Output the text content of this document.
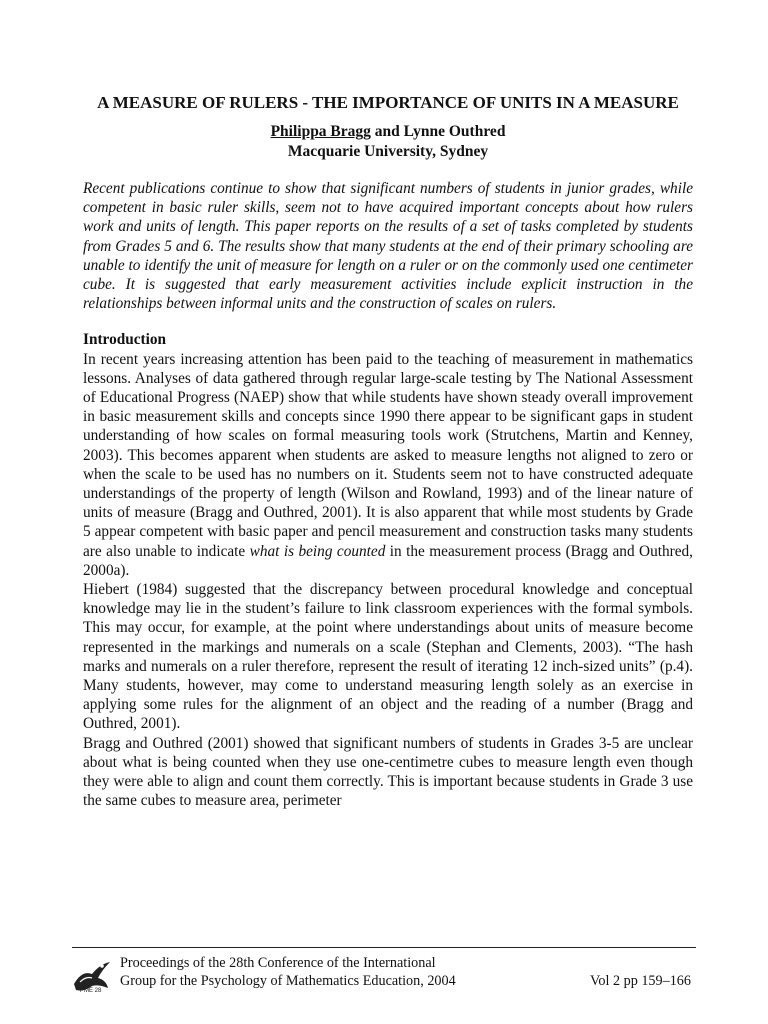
A MEASURE OF RULERS - THE IMPORTANCE OF UNITS IN A MEASURE

Philippa Bragg and Lynne Outhred

Macquarie University, Sydney

Recent publications continue to show that significant numbers of students in junior grades, while competent in basic ruler skills, seem not to have acquired important concepts about how rulers work and units of length. This paper reports on the results of a set of tasks completed by students from Grades 5 and 6. The results show that many students at the end of their primary schooling are unable to identify the unit of measure for length on a ruler or on the commonly used one centimeter cube. It is suggested that early measurement activities include explicit instruction in the relationships between informal units and the construction of scales on rulers.

Introduction

In recent years increasing attention has been paid to the teaching of measurement in mathematics lessons. Analyses of data gathered through regular large-scale testing by The National Assessment of Educational Progress (NAEP) show that while students have shown steady overall improvement in basic measurement skills and concepts since 1990 there appear to be significant gaps in student understanding of how scales on formal measuring tools work (Strutchens, Martin and Kenney, 2003). This becomes apparent when students are asked to measure lengths not aligned to zero or when the scale to be used has no numbers on it. Students seem not to have constructed adequate understandings of the property of length (Wilson and Rowland, 1993) and of the linear nature of units of measure (Bragg and Outhred, 2001). It is also apparent that while most students by Grade 5 appear competent with basic paper and pencil measurement and construction tasks many students are also unable to indicate what is being counted in the measurement process (Bragg and Outhred, 2000a).

Hiebert (1984) suggested that the discrepancy between procedural knowledge and conceptual knowledge may lie in the student’s failure to link classroom experiences with the formal symbols. This may occur, for example, at the point where understandings about units of measure become represented in the markings and numerals on a scale (Stephan and Clements, 2003). “The hash marks and numerals on a ruler therefore, represent the result of iterating 12 inch-sized units” (p.4). Many students, however, may come to understand measuring length solely as an exercise in applying some rules for the alignment of an object and the reading of a number (Bragg and Outhred, 2001).

Bragg and Outhred (2001) showed that significant numbers of students in Grades 3-5 are unclear about what is being counted when they use one-centimetre cubes to measure length even though they were able to align and count them correctly. This is important because students in Grade 3 use the same cubes to measure area, perimeter

PME 28
Proceedings of the 28th Conference of the International
Group for the Psychology of Mathematics Education, 2004	Vol 2 pp 159–166
